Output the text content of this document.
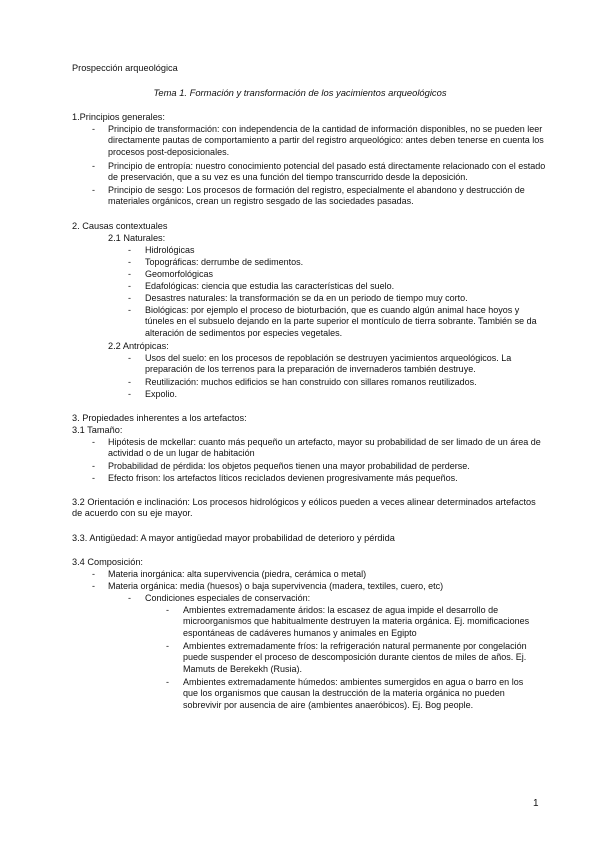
Prospección arqueológica
Tema 1. Formación y transformación de los yacimientos arqueológicos
1.Principios generales:
- Principio de transformación: con independencia de la cantidad de información disponibles, no se pueden leer directamente pautas de comportamiento a partir del registro arqueológico: antes deben tenerse en cuenta los procesos post-deposicionales.
- Principio de entropía: nuestro conocimiento potencial del pasado está directamente relacionado con el estado de preservación, que a su vez es una función del tiempo transcurrido desde la deposición.
- Principio de sesgo: Los procesos de formación del registro, especialmente el abandono y destrucción de materiales orgánicos, crean un registro sesgado de las sociedades pasadas.
2. Causas contextuales
2.1 Naturales:
- Hidrológicas
- Topográficas: derrumbe de sedimentos.
- Geomorfológicas
- Edafológicas: ciencia que estudia las características del suelo.
- Desastres naturales: la transformación se da en un periodo de tiempo muy corto.
- Biológicas: por ejemplo el proceso de bioturbación, que es cuando algún animal hace hoyos y túneles en el subsuelo dejando en la parte superior el montículo de tierra sobrante. También se da alteración de sedimentos por especies vegetales.
2.2 Antrópicas:
- Usos del suelo: en los procesos de repoblación se destruyen yacimientos arqueológicos. La preparación de los terrenos para la preparación de invernaderos también destruye.
- Reutilización: muchos edificios se han construido con sillares romanos reutilizados.
- Expolio.
3. Propiedades inherentes a los artefactos:
3.1 Tamaño:
- Hipótesis de mckellar: cuanto más pequeño un artefacto, mayor su probabilidad de ser limado de un área de actividad o de un lugar de habitación
- Probabilidad de pérdida: los objetos pequeños tienen una mayor probabilidad de perderse.
- Efecto frison: los artefactos líticos reciclados devienen progresivamente más pequeños.
3.2 Orientación e inclinación: Los procesos hidrológicos y eólicos pueden a veces alinear determinados artefactos de acuerdo con su eje mayor.
3.3. Antigüedad: A mayor antigüedad mayor probabilidad de deterioro y pérdida
3.4 Composición:
- Materia inorgánica: alta supervivencia (piedra, cerámica o metal)
- Materia orgánica: media (huesos) o baja supervivencia (madera, textiles, cuero, etc)
- Condiciones especiales de conservación:
- Ambientes extremadamente áridos: la escasez de agua impide el desarrollo de microorganismos que habitualmente destruyen la materia orgánica. Ej. momificaciones espontáneas de cadáveres humanos y animales en Egipto
- Ambientes extremadamente fríos: la refrigeración natural permanente por congelación puede suspender el proceso de descomposición durante cientos de miles de años. Ej. Mamuts de Berekekh (Rusia).
- Ambientes extremadamente húmedos: ambientes sumergidos en agua o barro en los que los organismos que causan la destrucción de la materia orgánica no pueden sobrevivir por ausencia de aire (ambientes anaeróbicos). Ej. Bog people.
1
